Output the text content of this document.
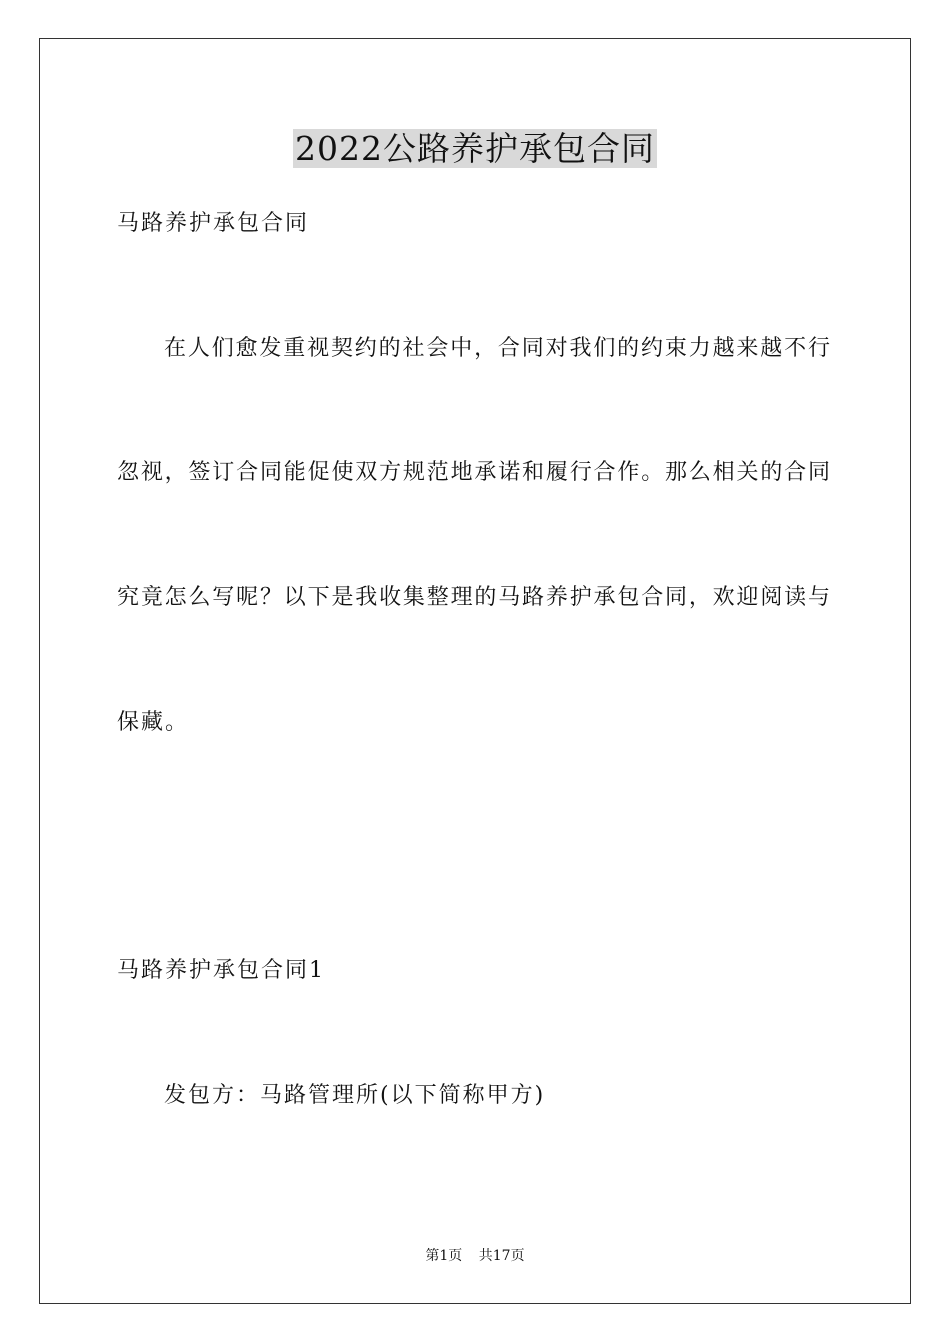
2022公路养护承包合同
马路养护承包合同
在人们愈发重视契约的社会中，合同对我们的约束力越来越不行
忽视，签订合同能促使双方规范地承诺和履行合作。那么相关的合同
究竟怎么写呢？以下是我收集整理的马路养护承包合同，欢迎阅读与
保藏。
马路养护承包合同1
发包方：马路管理所(以下简称甲方)
第1页 共17页
